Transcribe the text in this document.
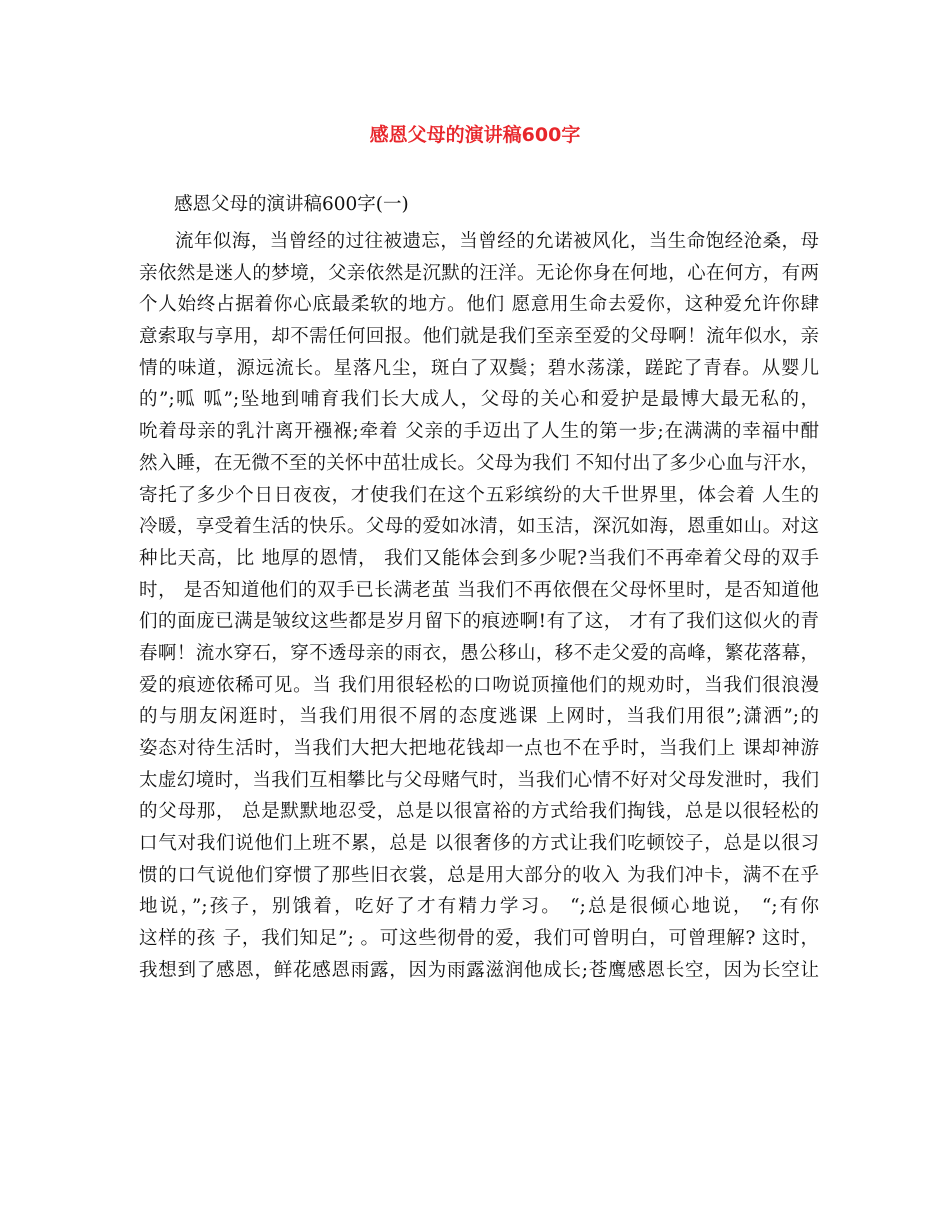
感恩父母的演讲稿600字

感恩父母的演讲稿600字(一)

流年似海，当曾经的过往被遗忘，当曾经的允诺被风化，当生命饱经沧桑，母
亲依然是迷人的梦境，父亲依然是沉默的汪洋。无论你身在何地，心在何方，有两
个人始终占据着你心底最柔软的地方。他们 愿意用生命去爱你，这种爱允许你肆
意索取与享用，却不需任何回报。他们就是我们至亲至爱的父母啊！流年似水，亲
情的味道，源远流长。星落凡尘，斑白了双鬓；碧水荡漾，蹉跎了青春。从婴儿
的”;呱 呱”;坠地到哺育我们长大成人，父母的关心和爱护是最博大最无私的，
吮着母亲的乳汁离开襁褓;牵着 父亲的手迈出了人生的第一步;在满满的幸福中酣
然入睡，在无微不至的关怀中茁壮成长。父母为我们 不知付出了多少心血与汗水，
寄托了多少个日日夜夜，才使我们在这个五彩缤纷的大千世界里，体会着 人生的
冷暖，享受着生活的快乐。父母的爱如冰清，如玉洁，深沉如海，恩重如山。对这
种比天高，比 地厚的恩情， 我们又能体会到多少呢?当我们不再牵着父母的双手
时， 是否知道他们的双手已长满老茧 当我们不再依偎在父母怀里时，是否知道他
们的面庞已满是皱纹这些都是岁月留下的痕迹啊!有了这， 才有了我们这似火的青
春啊！流水穿石，穿不透母亲的雨衣，愚公移山，移不走父爱的高峰，繁花落幕，
爱的痕迹依稀可见。当 我们用很轻松的口吻说顶撞他们的规劝时，当我们很浪漫
的与朋友闲逛时，当我们用很不屑的态度逃课 上网时，当我们用很”;潇洒”;的
姿态对待生活时，当我们大把大把地花钱却一点也不在乎时，当我们上 课却神游
太虚幻境时，当我们互相攀比与父母赌气时，当我们心情不好对父母发泄时，我们
的父母那， 总是默默地忍受，总是以很富裕的方式给我们掏钱，总是以很轻松的
口气对我们说他们上班不累，总是 以很奢侈的方式让我们吃顿饺子，总是以很习
惯的口气说他们穿惯了那些旧衣裳，总是用大部分的收入 为我们冲卡，满不在乎
地说，”;孩子，别饿着，吃好了才有精力学习。 “;总是很倾心地说， “;有你
这样的孩 子，我们知足”; 。可这些彻骨的爱，我们可曾明白，可曾理解? 这时，
我想到了感恩，鲜花感恩雨露，因为雨露滋润他成长;苍鹰感恩长空，因为长空让
